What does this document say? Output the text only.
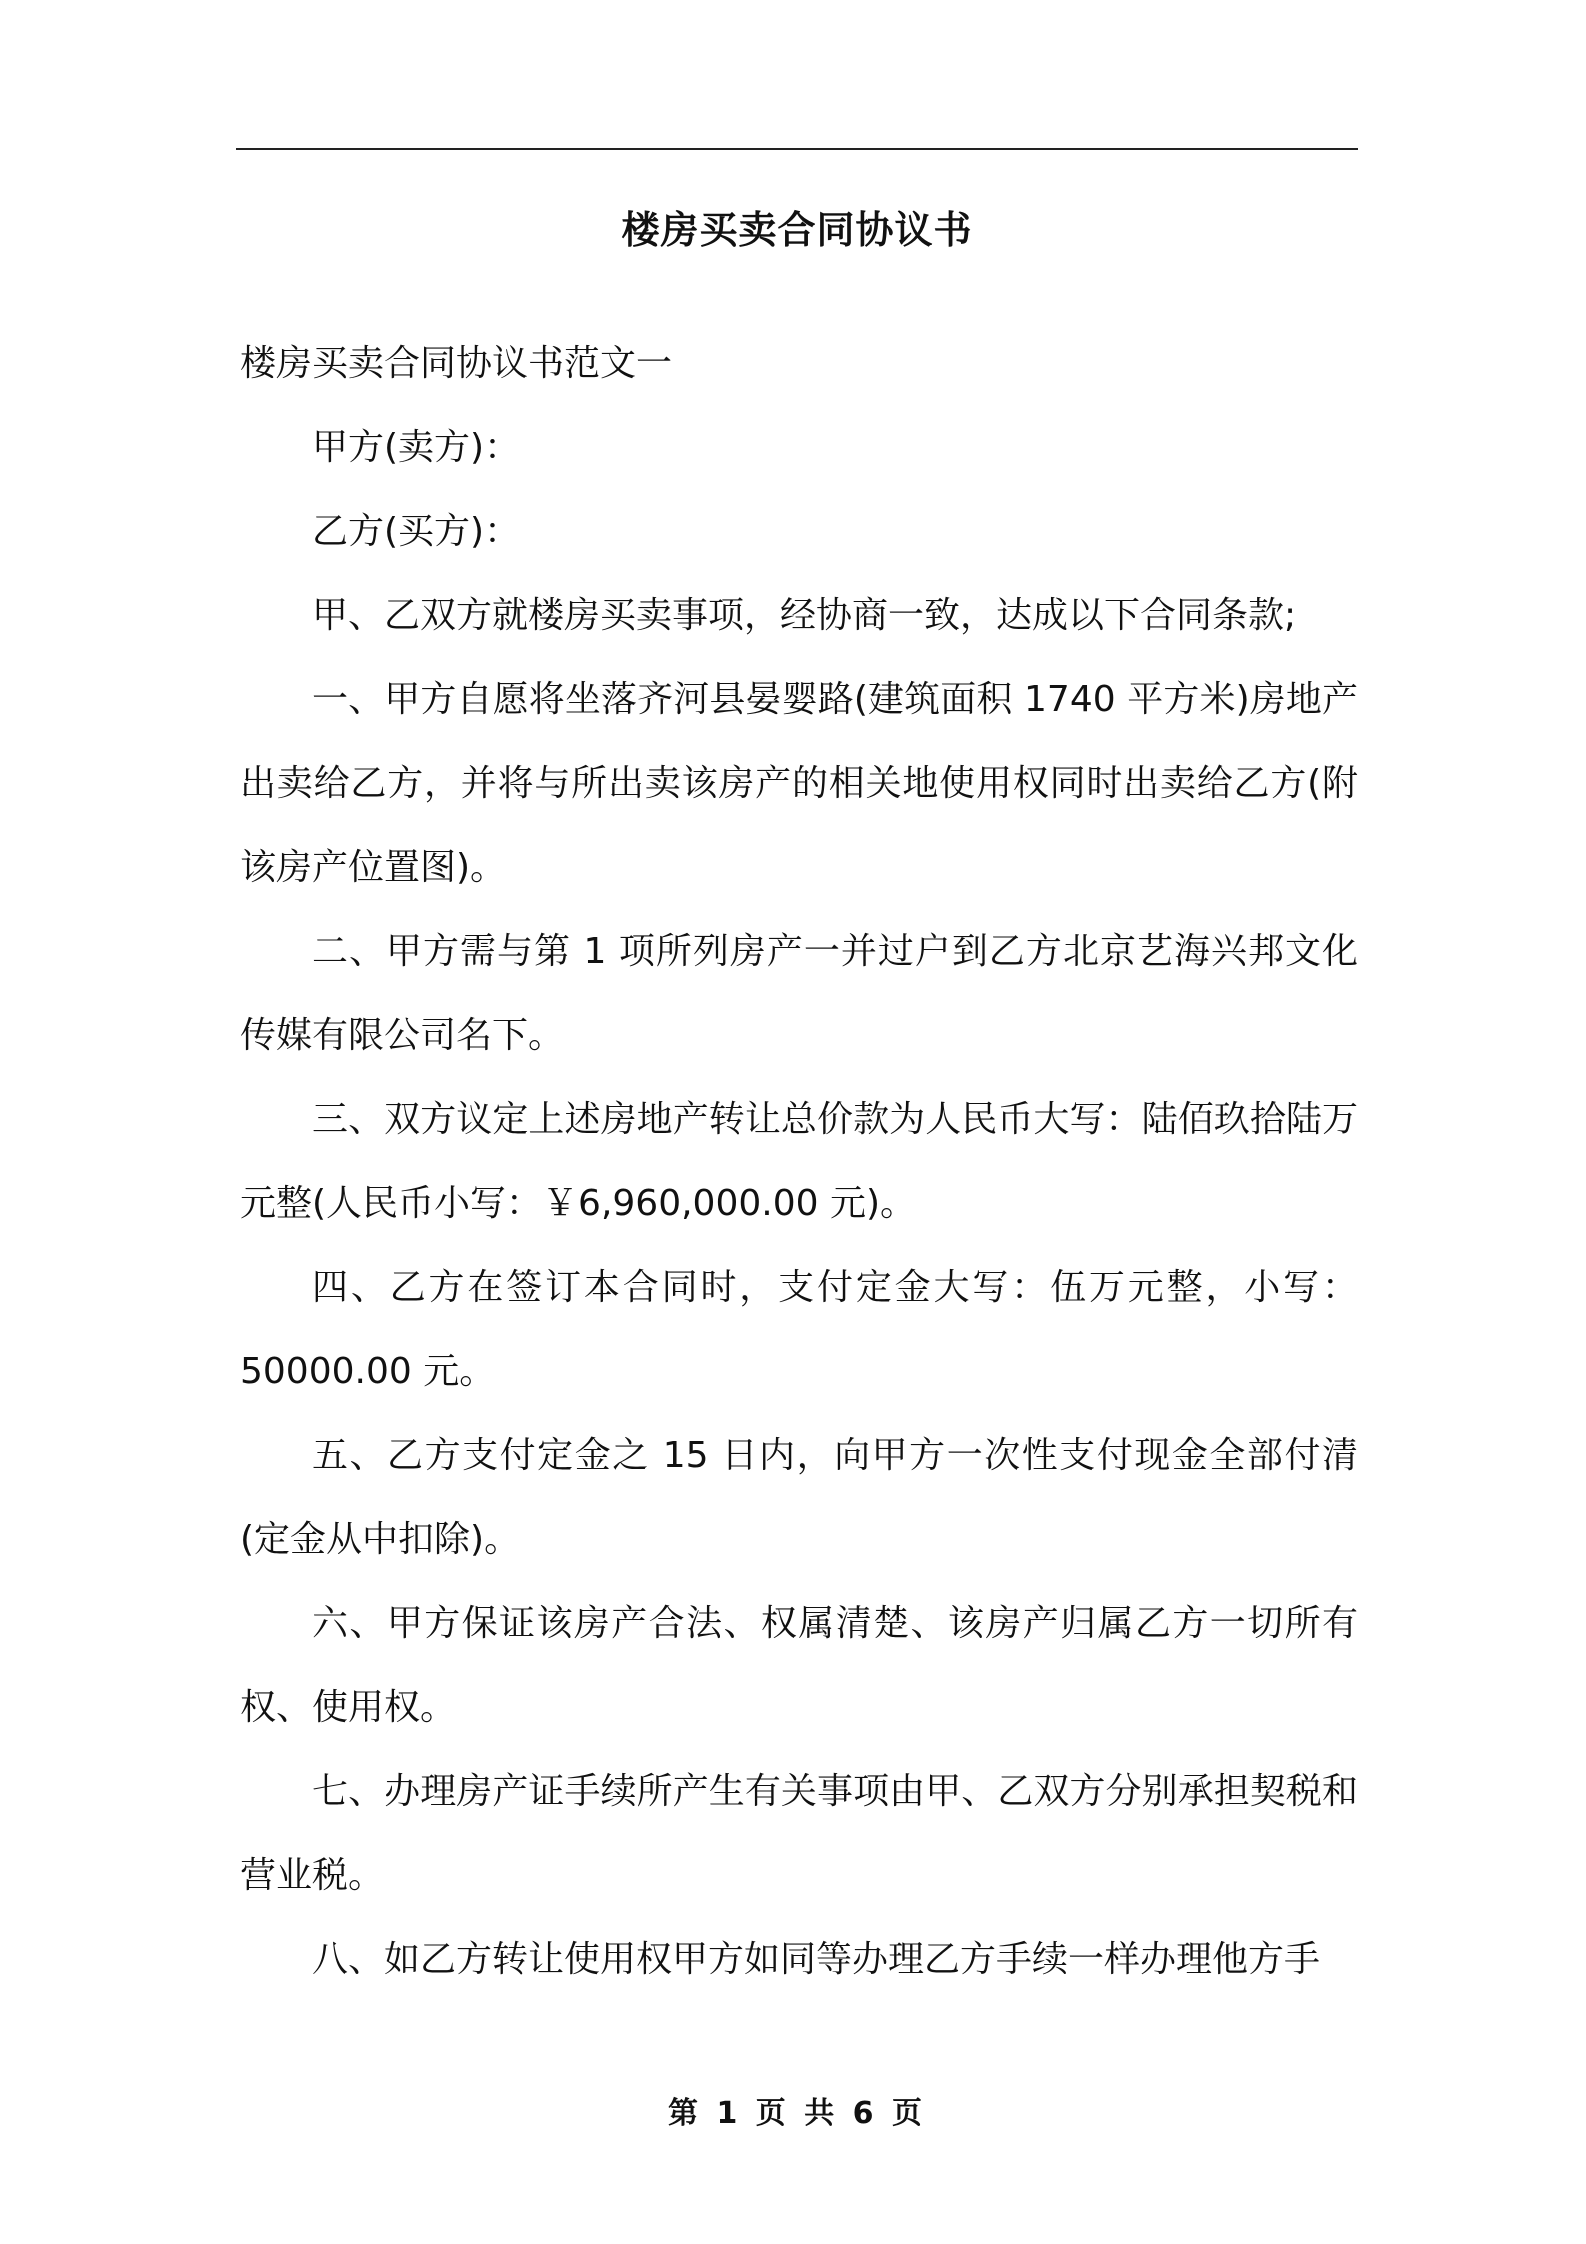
楼房买卖合同协议书

楼房买卖合同协议书范文一

甲方(卖方)：

乙方(买方)：

甲、乙双方就楼房买卖事项，经协商一致，达成以下合同条款;

一、甲方自愿将坐落齐河县晏婴路(建筑面积 1740 平方米)房地产出卖给乙方，并将与所出卖该房产的相关地使用权同时出卖给乙方(附该房产位置图)。

二、甲方需与第 1 项所列房产一并过户到乙方北京艺海兴邦文化传媒有限公司名下。

三、双方议定上述房地产转让总价款为人民币大写：陆佰玖拾陆万元整(人民币小写：￥6,960,000.00 元)。

四、乙方在签订本合同时，支付定金大写：伍万元整，小写：50000.00 元。

五、乙方支付定金之 15 日内，向甲方一次性支付现金全部付清(定金从中扣除)。

六、甲方保证该房产合法、权属清楚、该房产归属乙方一切所有权、使用权。

七、办理房产证手续所产生有关事项由甲、乙双方分别承担契税和营业税。

八、如乙方转让使用权甲方如同等办理乙方手续一样办理他方手

第 1 页 共 6 页
